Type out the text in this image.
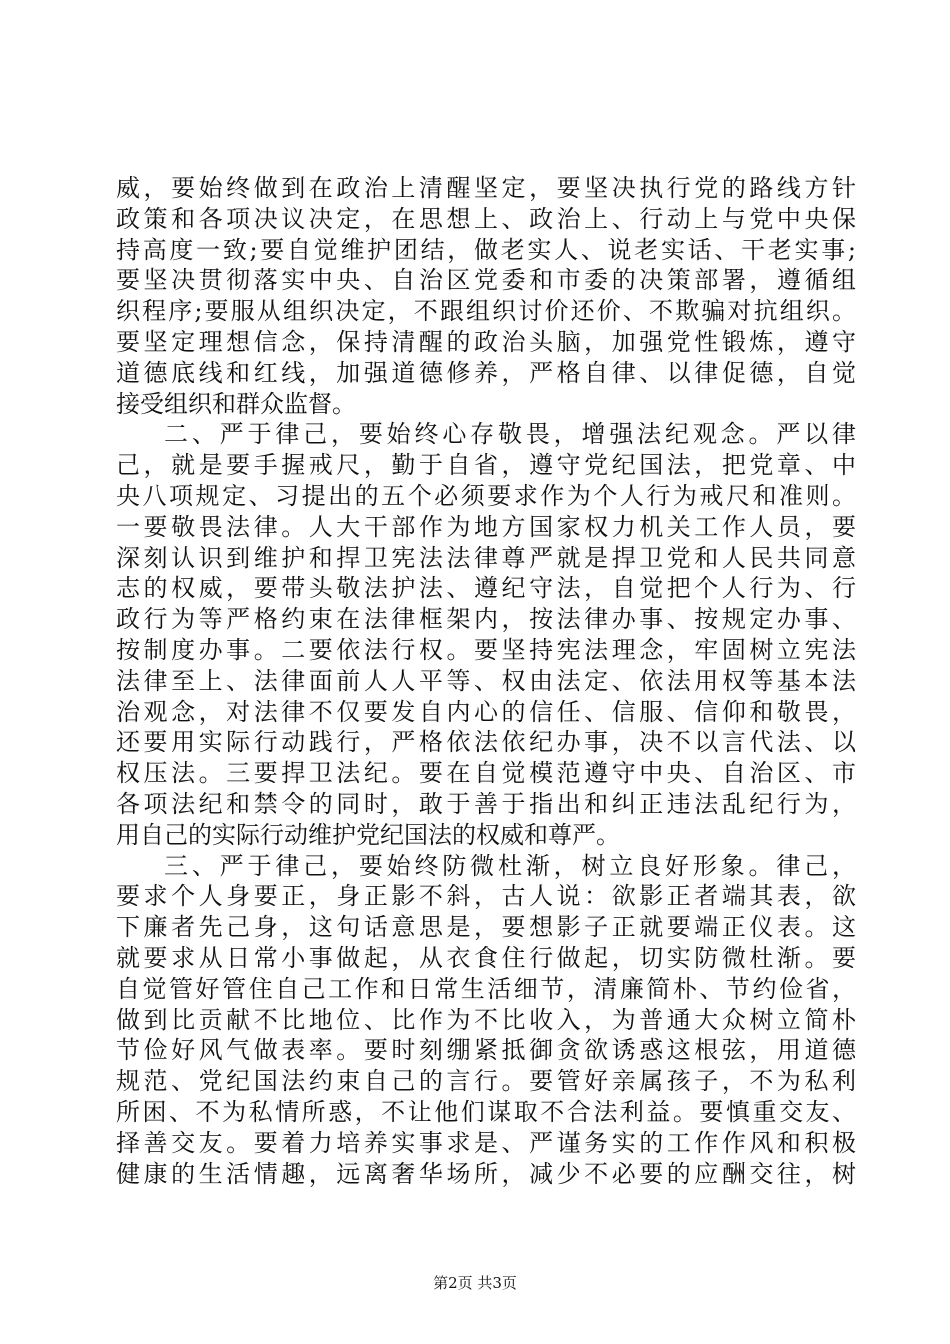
威，要始终做到在政治上清醒坚定，要坚决执行党的路线方针
政策和各项决议决定，在思想上、政治上、行动上与党中央保
持高度一致;要自觉维护团结，做老实人、说老实话、干老实事;
要坚决贯彻落实中央、自治区党委和市委的决策部署，遵循组
织程序;要服从组织决定，不跟组织讨价还价、不欺骗对抗组织。
要坚定理想信念，保持清醒的政治头脑，加强党性锻炼，遵守
道德底线和红线，加强道德修养，严格自律、以律促德，自觉
接受组织和群众监督。
二、严于律己，要始终心存敬畏，增强法纪观念。严以律
己，就是要手握戒尺，勤于自省，遵守党纪国法，把党章、中
央八项规定、习提出的五个必须要求作为个人行为戒尺和准则。
一要敬畏法律。人大干部作为地方国家权力机关工作人员，要
深刻认识到维护和捍卫宪法法律尊严就是捍卫党和人民共同意
志的权威，要带头敬法护法、遵纪守法，自觉把个人行为、行
政行为等严格约束在法律框架内，按法律办事、按规定办事、
按制度办事。二要依法行权。要坚持宪法理念，牢固树立宪法
法律至上、法律面前人人平等、权由法定、依法用权等基本法
治观念，对法律不仅要发自内心的信任、信服、信仰和敬畏，
还要用实际行动践行，严格依法依纪办事，决不以言代法、以
权压法。三要捍卫法纪。要在自觉模范遵守中央、自治区、市
各项法纪和禁令的同时，敢于善于指出和纠正违法乱纪行为，
用自己的实际行动维护党纪国法的权威和尊严。
三、严于律己，要始终防微杜渐，树立良好形象。律己，
要求个人身要正，身正影不斜，古人说：欲影正者端其表，欲
下廉者先己身，这句话意思是，要想影子正就要端正仪表。这
就要求从日常小事做起，从衣食住行做起，切实防微杜渐。要
自觉管好管住自己工作和日常生活细节，清廉简朴、节约俭省，
做到比贡献不比地位、比作为不比收入，为普通大众树立简朴
节俭好风气做表率。要时刻绷紧抵御贪欲诱惑这根弦，用道德
规范、党纪国法约束自己的言行。要管好亲属孩子，不为私利
所困、不为私情所惑，不让他们谋取不合法利益。要慎重交友、
择善交友。要着力培养实事求是、严谨务实的工作作风和积极
健康的生活情趣，远离奢华场所，减少不必要的应酬交往，树
第2页 共3页
